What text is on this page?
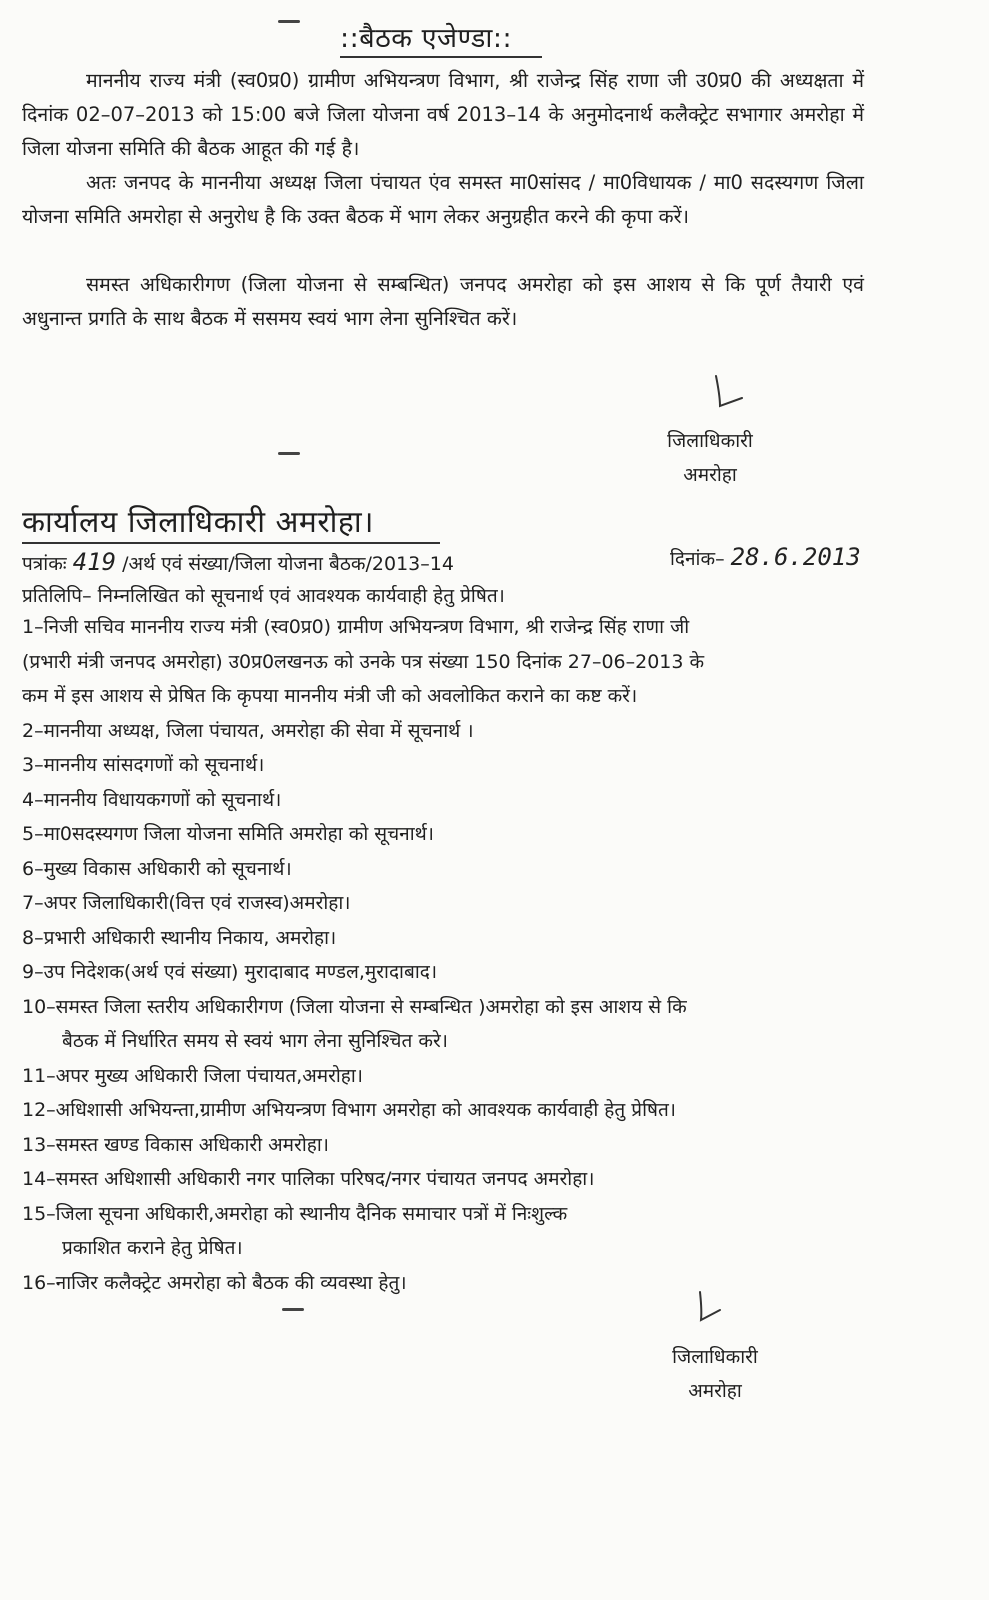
::बैठक एजेण्डा::

माननीय राज्य मंत्री (स्व0प्र0) ग्रामीण अभियन्त्रण विभाग, श्री राजेन्द्र सिंह राणा जी उ0प्र0 की अध्यक्षता में दिनांक 02–07–2013 को 15:00 बजे जिला योजना वर्ष 2013–14 के अनुमोदनार्थ कलैक्ट्रेट सभागार अमरोहा में जिला योजना समिति की बैठक आहूत की गई है।

अतः जनपद के माननीया अध्यक्ष जिला पंचायत एंव समस्त मा0सांसद / मा0विधायक / मा0 सदस्यगण जिला योजना समिति अमरोहा से अनुरोध है कि उक्त बैठक में भाग लेकर अनुग्रहीत करने की कृपा करें।

समस्त अधिकारीगण (जिला योजना से सम्बन्धित) जनपद अमरोहा को इस आशय से कि पूर्ण तैयारी एवं अधुनान्त प्रगति के साथ बैठक में ससमय स्वयं भाग लेना सुनिश्चित करें।

जिलाधिकारी
अमरोहा
कार्यालय जिलाधिकारी अमरोहा।
पत्रांकः 419 /अर्थ एवं संख्या/जिला योजना बैठक/2013–14	दिनांक– 28.6.2013
प्रतिलिपि– निम्नलिखित को सूचनार्थ एवं आवश्यक कार्यवाही हेतु प्रेषित।
1–निजी सचिव माननीय राज्य मंत्री (स्व0प्र0) ग्रामीण अभियन्त्रण विभाग, श्री राजेन्द्र सिंह राणा जी
(प्रभारी मंत्री जनपद अमरोहा) उ0प्र0लखनऊ को उनके पत्र संख्या 150 दिनांक 27–06–2013 के
कम में इस आशय से प्रेषित कि कृपया माननीय मंत्री जी को अवलोकित कराने का कष्ट करें।
2–माननीया अध्यक्ष, जिला पंचायत, अमरोहा की सेवा में सूचनार्थ ।
3–माननीय सांसदगणों को सूचनार्थ।
4–माननीय विधायकगणों को सूचनार्थ।
5–मा0सदस्यगण जिला योजना समिति अमरोहा को सूचनार्थ।
6–मुख्य विकास अधिकारी को सूचनार्थ।
7–अपर जिलाधिकारी(वित्त एवं राजस्व)अमरोहा।
8–प्रभारी अधिकारी स्थानीय निकाय, अमरोहा।
9–उप निदेशक(अर्थ एवं संख्या) मुरादाबाद मण्डल,मुरादाबाद।
10–समस्त जिला स्तरीय अधिकारीगण (जिला योजना से सम्बन्धित )अमरोहा को इस आशय से कि
बैठक में निर्धारित समय से स्वयं भाग लेना सुनिश्चित करे।
11–अपर मुख्य अधिकारी जिला पंचायत,अमरोहा।
12–अधिशासी अभियन्ता,ग्रामीण अभियन्त्रण विभाग अमरोहा को आवश्यक कार्यवाही हेतु प्रेषित।
13–समस्त खण्ड विकास अधिकारी अमरोहा।
14–समस्त अधिशासी अधिकारी नगर पालिका परिषद/नगर पंचायत जनपद अमरोहा।
15–जिला सूचना अधिकारी,अमरोहा को स्थानीय दैनिक समाचार पत्रों में निःशुल्क
प्रकाशित कराने हेतु प्रेषित।
16–नाजिर कलैक्ट्रेट अमरोहा को बैठक की व्यवस्था हेतु।
जिलाधिकारी
अमरोहा
